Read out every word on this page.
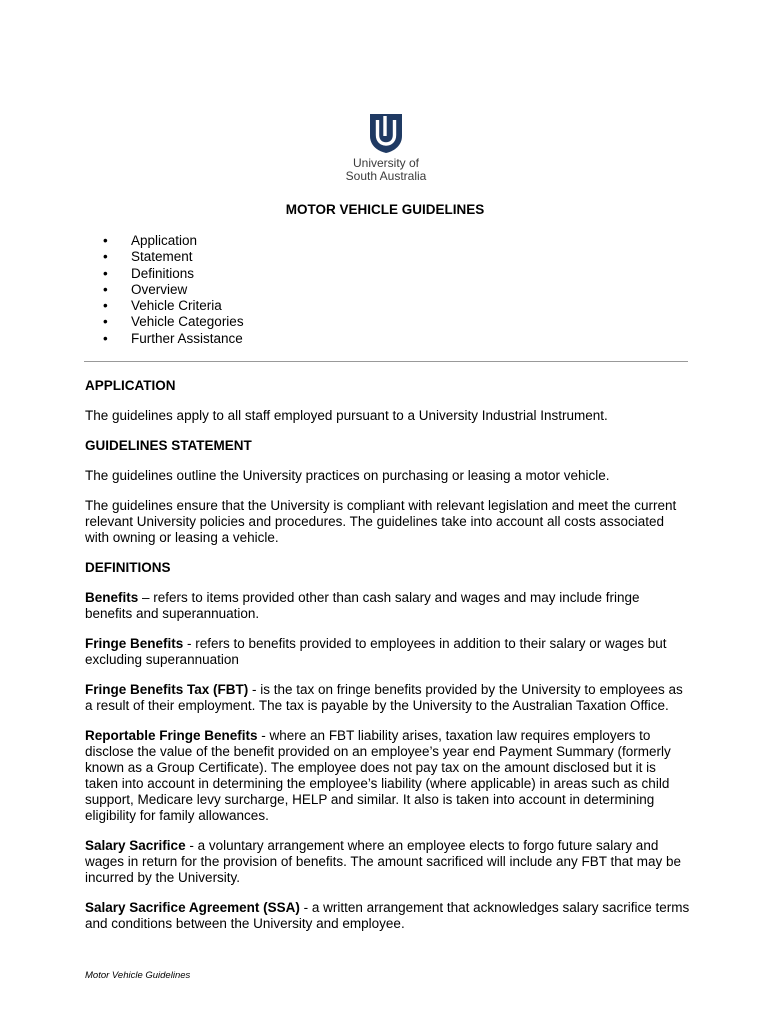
University of
South Australia
MOTOR VEHICLE GUIDELINES
• Application
• Statement
• Definitions
• Overview
• Vehicle Criteria
• Vehicle Categories
• Further Assistance
APPLICATION

The guidelines apply to all staff employed pursuant to a University Industrial Instrument.

GUIDELINES STATEMENT

The guidelines outline the University practices on purchasing or leasing a motor vehicle.

The guidelines ensure that the University is compliant with relevant legislation and meet the current relevant University policies and procedures. The guidelines take into account all costs associated with owning or leasing a vehicle.

DEFINITIONS

Benefits – refers to items provided other than cash salary and wages and may include fringe benefits and superannuation.

Fringe Benefits - refers to benefits provided to employees in addition to their salary or wages but excluding superannuation

Fringe Benefits Tax (FBT) - is the tax on fringe benefits provided by the University to employees as a result of their employment. The tax is payable by the University to the Australian Taxation Office.

Reportable Fringe Benefits - where an FBT liability arises, taxation law requires employers to disclose the value of the benefit provided on an employee’s year end Payment Summary (formerly known as a Group Certificate). The employee does not pay tax on the amount disclosed but it is taken into account in determining the employee’s liability (where applicable) in areas such as child support, Medicare levy surcharge, HELP and similar. It also is taken into account in determining eligibility for family allowances.

Salary Sacrifice - a voluntary arrangement where an employee elects to forgo future salary and wages in return for the provision of benefits. The amount sacrificed will include any FBT that may be incurred by the University.

Salary Sacrifice Agreement (SSA) - a written arrangement that acknowledges salary sacrifice terms and conditions between the University and employee.

Motor Vehicle Guidelines
